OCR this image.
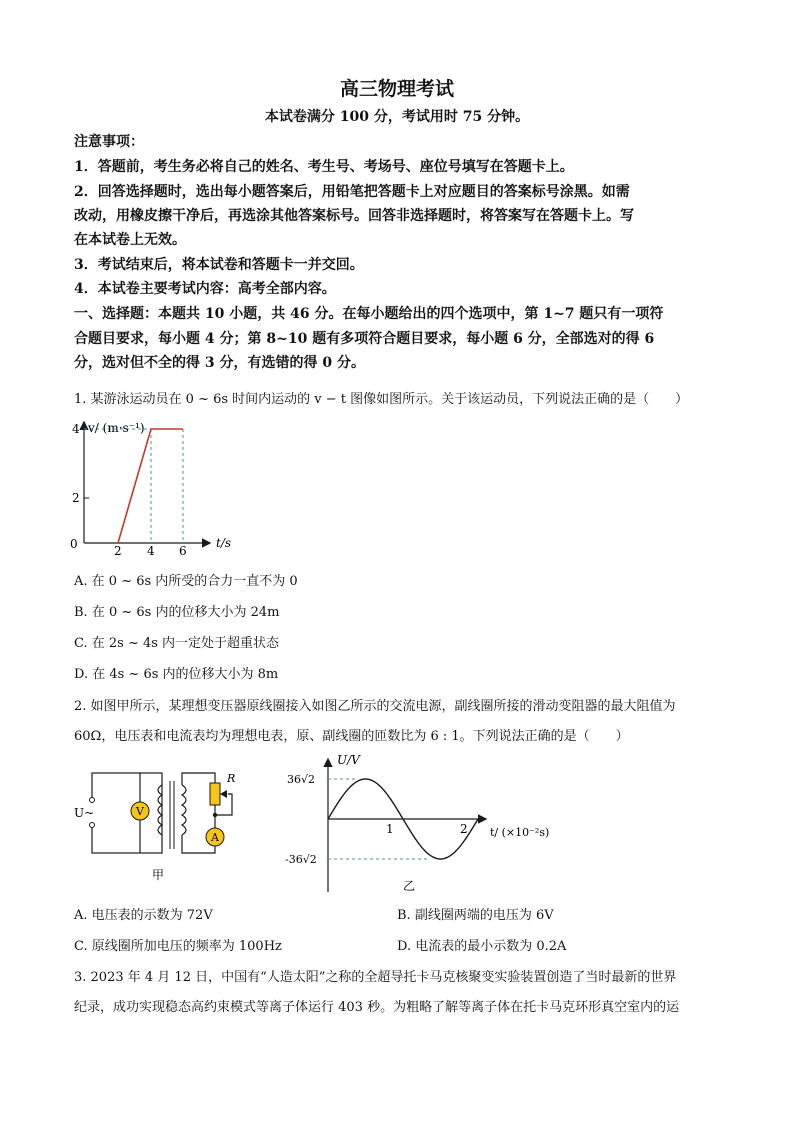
高三物理考试
本试卷满分 100 分，考试用时 75 分钟。
注意事项：
1．答题前，考生务必将自己的姓名、考生号、考场号、座位号填写在答题卡上。
2．回答选择题时，选出每小题答案后，用铅笔把答题卡上对应题目的答案标号涂黑。如需
改动，用橡皮擦干净后，再选涂其他答案标号。回答非选择题时，将答案写在答题卡上。写
在本试卷上无效。
3．考试结束后，将本试卷和答题卡一并交回。
4．本试卷主要考试内容：高考全部内容。
一、选择题：本题共 10 小题，共 46 分。在每小题给出的四个选项中，第 1~7 题只有一项符
合题目要求，每小题 4 分；第 8~10 题有多项符合题目要求，每小题 6 分，全部选对的得 6
分，选对但不全的得 3 分，有选错的得 0 分。
1. 某游泳运动员在 0 ~ 6s 时间内运动的 v − t 图像如图所示。关于该运动员，下列说法正确的是（　　）
v/ (m·s⁻¹)
t/s
0
4
2
2 4 6
A. 在 0 ~ 6s 内所受的合力一直不为 0
B. 在 0 ~ 6s 内的位移大小为 24m
C. 在 2s ~ 4s 内一定处于超重状态
D. 在 4s ~ 6s 内的位移大小为 8m
2. 如图甲所示，某理想变压器原线圈接入如图乙所示的交流电源，副线圈所接的滑动变阻器的最大阻值为
60Ω，电压表和电流表均为理想电表，原、副线圈的匝数比为 6 : 1。下列说法正确的是（　　）
U~	V
R
A
甲
U/V
t/ (×10⁻²s)
36√2
-36√2
1	2
乙
A. 电压表的示数为 72V	B. 副线圈两端的电压为 6V
C. 原线圈所加电压的频率为 100Hz	D. 电流表的最小示数为 0.2A
3. 2023 年 4 月 12 日，中国有“人造太阳”之称的全超导托卡马克核聚变实验装置创造了当时最新的世界
纪录，成功实现稳态高约束模式等离子体运行 403 秒。为粗略了解等离子体在托卡马克环形真空室内的运
